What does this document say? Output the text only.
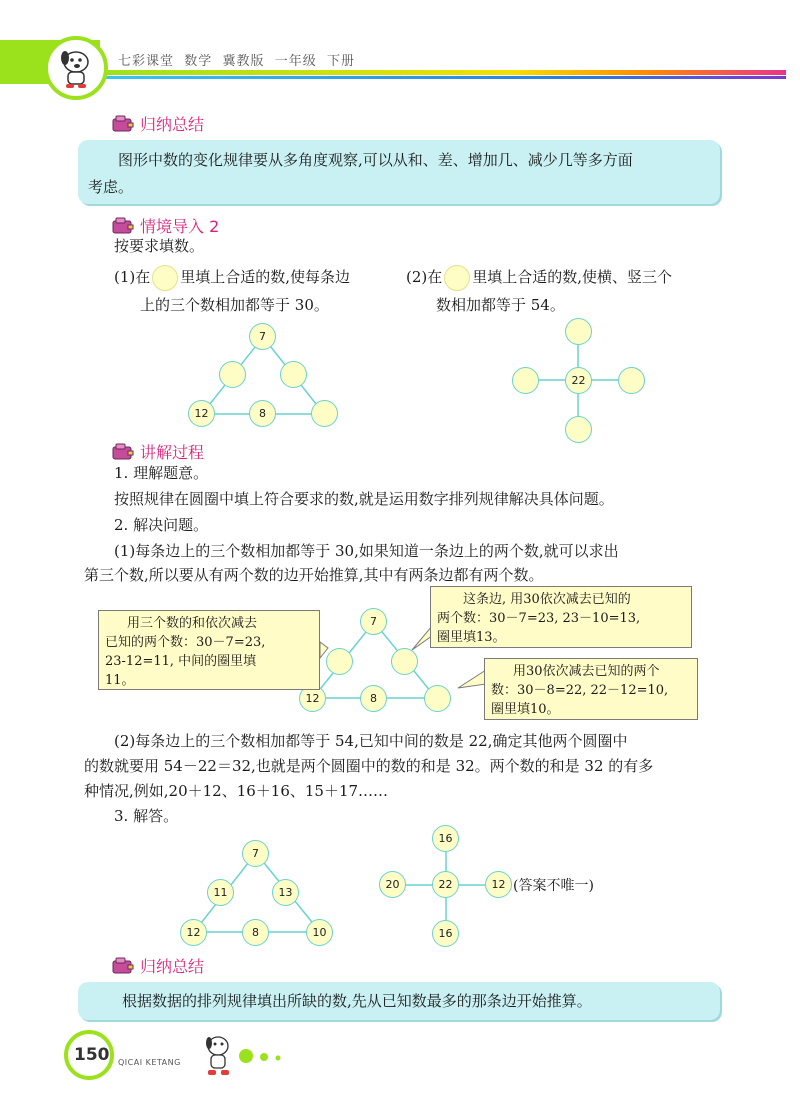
七彩课堂  数学  冀教版  一年级  下册
归纳总结
图形中数的变化规律要从多角度观察,可以从和、差、增加几、减少几等多方面
考虑。
情境导入 2
按要求填数。
(1)在 里填上合适的数,使每条边
上的三个数相加都等于 30。
(2)在 里填上合适的数,使横、竖三个
数相加都等于 54。
7
12	8
22
讲解过程
1. 理解题意。
按照规律在圆圈中填上符合要求的数,就是运用数字排列规律解决具体问题。
2. 解决问题。
(1)每条边上的三个数相加都等于 30,如果知道一条边上的两个数,就可以求出
第三个数,所以要从有两个数的边开始推算,其中有两条边都有两个数。
7
12	8
用三个数的和依次减去
已知的两个数：30－7=23,
23-12=11, 中间的圈里填
11。
这条边, 用30依次减去已知的
两个数：30－7=23, 23－10=13,
圈里填13。
用30依次减去已知的两个
数：30－8=22, 22－12=10,
圈里填10。
(2)每条边上的三个数相加都等于 54,已知中间的数是 22,确定其他两个圆圈中
的数就要用 54－22＝32,也就是两个圆圈中的数的和是 32。两个数的和是 32 的有多
种情况,例如,20＋12、16＋16、15＋17……
3. 解答。
7
11	13
12	8	10
16
20	22	12
16
(答案不唯一)
归纳总结
根据数据的排列规律填出所缺的数,先从已知数最多的那条边开始推算。
150 QICAI KETANG
